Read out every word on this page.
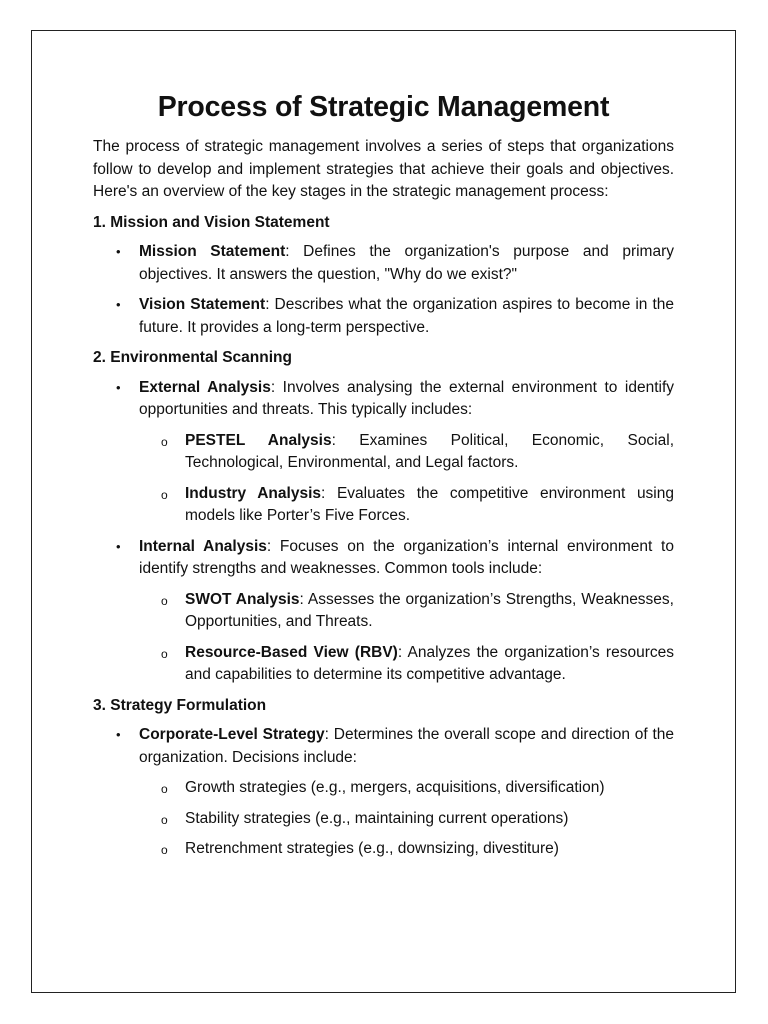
Process of Strategic Management

The process of strategic management involves a series of steps that organizations follow to develop and implement strategies that achieve their goals and objectives. Here's an overview of the key stages in the strategic management process:

1. Mission and Vision Statement
• Mission Statement: Defines the organization's purpose and primary objectives. It answers the question, "Why do we exist?"
• Vision Statement: Describes what the organization aspires to become in the future. It provides a long-term perspective.
2. Environmental Scanning
• External Analysis: Involves analysing the external environment to identify opportunities and threats. This typically includes:
o PESTEL Analysis: Examines Political, Economic, Social, Technological, Environmental, and Legal factors.
o Industry Analysis: Evaluates the competitive environment using models like Porter’s Five Forces.
• Internal Analysis: Focuses on the organization’s internal environment to identify strengths and weaknesses. Common tools include:
o SWOT Analysis: Assesses the organization’s Strengths, Weaknesses, Opportunities, and Threats.
o Resource-Based View (RBV): Analyzes the organization’s resources and capabilities to determine its competitive advantage.
3. Strategy Formulation
• Corporate-Level Strategy: Determines the overall scope and direction of the organization. Decisions include:
o Growth strategies (e.g., mergers, acquisitions, diversification)
o Stability strategies (e.g., maintaining current operations)
o Retrenchment strategies (e.g., downsizing, divestiture)
